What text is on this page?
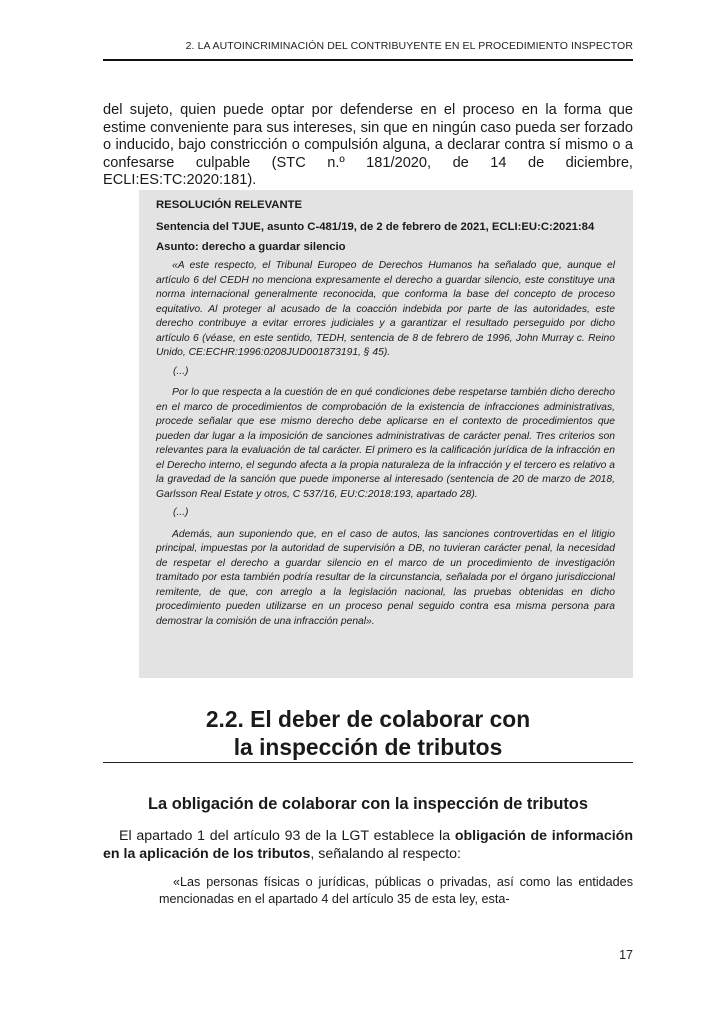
2. LA AUTOINCRIMINACIÓN DEL CONTRIBUYENTE EN EL PROCEDIMIENTO INSPECTOR

del sujeto, quien puede optar por defenderse en el proceso en la forma que estime conveniente para sus intereses, sin que en ningún caso pueda ser forzado o inducido, bajo constricción o compulsión alguna, a declarar contra sí mismo o a confesarse culpable (STC n.º 181/2020, de 14 de diciembre, ECLI:ES:TC:2020:181).

RESOLUCIÓN RELEVANTE

Sentencia del TJUE, asunto C-481/19, de 2 de febrero de 2021, ECLI:EU:C:2021:84

Asunto: derecho a guardar silencio

«A este respecto, el Tribunal Europeo de Derechos Humanos ha señalado que, aunque el artículo 6 del CEDH no menciona expresamente el derecho a guardar silencio, este constituye una norma internacional generalmente reconocida, que conforma la base del concepto de proceso equitativo. Al proteger al acusado de la coacción indebida por parte de las autoridades, este derecho contribuye a evitar errores judiciales y a garantizar el resultado perseguido por dicho artículo 6 (véase, en este sentido, TEDH, sentencia de 8 de febrero de 1996, John Murray c. Reino Unido, CE:ECHR:1996:0208JUD001873191, § 45).

(...)

Por lo que respecta a la cuestión de en qué condiciones debe respetarse también dicho derecho en el marco de procedimientos de comprobación de la existencia de infracciones administrativas, procede señalar que ese mismo derecho debe aplicarse en el contexto de procedimientos que pueden dar lugar a la imposición de sanciones administrativas de carácter penal. Tres criterios son relevantes para la evaluación de tal carácter. El primero es la calificación jurídica de la infracción en el Derecho interno, el segundo afecta a la propia naturaleza de la infracción y el tercero es relativo a la gravedad de la sanción que puede imponerse al interesado (sentencia de 20 de marzo de 2018, Garlsson Real Estate y otros, C 537/16, EU:C:2018:193, apartado 28).

(...)

Además, aun suponiendo que, en el caso de autos, las sanciones controvertidas en el litigio principal, impuestas por la autoridad de supervisión a DB, no tuvieran carácter penal, la necesidad de respetar el derecho a guardar silencio en el marco de un procedimiento de investigación tramitado por esta también podría resultar de la circunstancia, señalada por el órgano jurisdiccional remitente, de que, con arreglo a la legislación nacional, las pruebas obtenidas en dicho procedimiento pueden utilizarse en un proceso penal seguido contra esa misma persona para demostrar la comisión de una infracción penal».

2.2. El deber de colaborar con
la inspección de tributos
La obligación de colaborar con la inspección de tributos

El apartado 1 del artículo 93 de la LGT establece la obligación de información en la aplicación de los tributos, señalando al respecto:

«Las personas físicas o jurídicas, públicas o privadas, así como las entidades mencionadas en el apartado 4 del artículo 35 de esta ley, esta-

17
